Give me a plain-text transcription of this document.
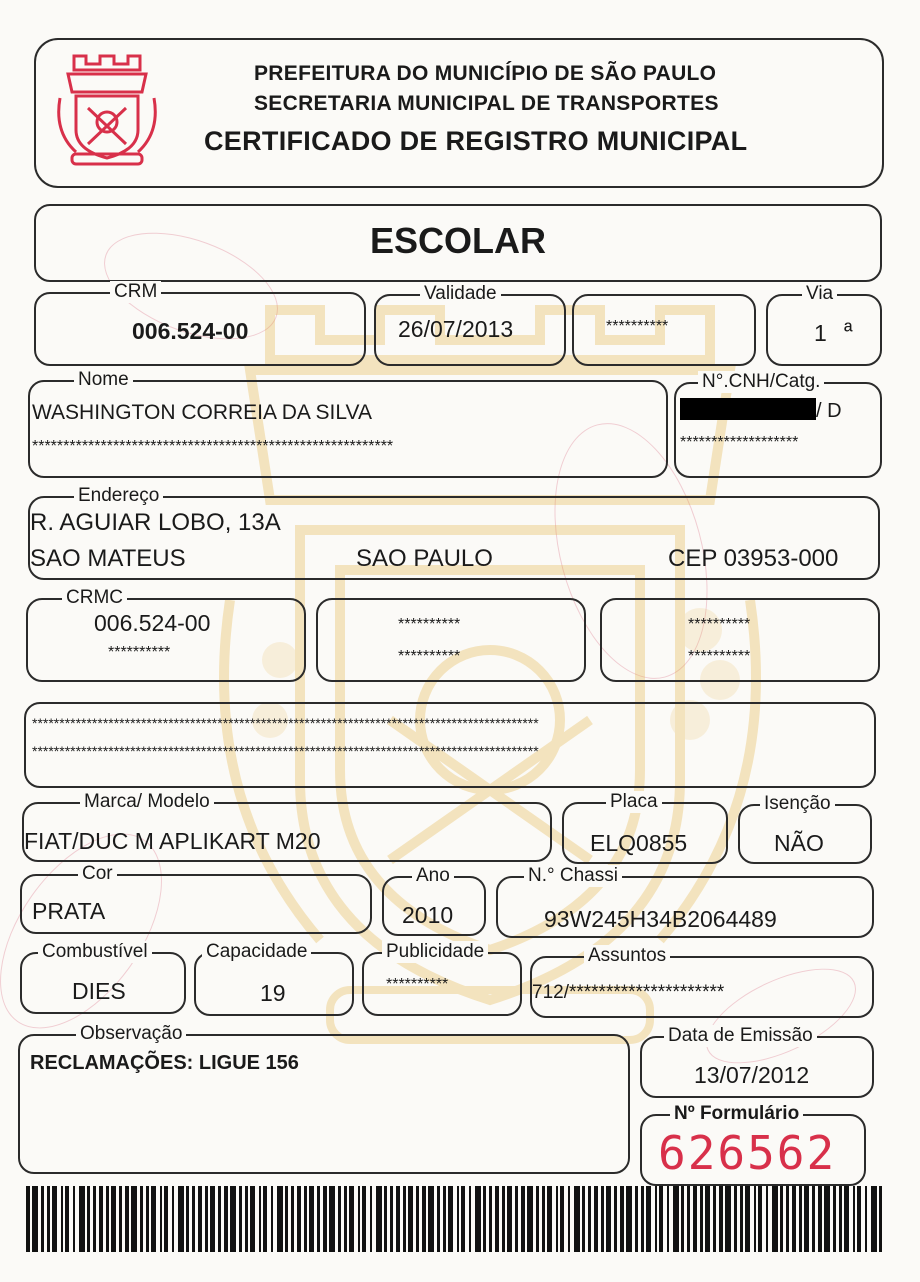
PREFEITURA DO MUNICÍPIO DE SÃO PAULO
SECRETARIA MUNICIPAL DE TRANSPORTES
CERTIFICADO DE REGISTRO MUNICIPAL
ESCOLAR
CRM
006.524-00
Validade
26/07/2013	**********
Via
1 ª
Nome
WASHINGTON CORREIA DA SILVA
**********************************************************
N°.CNH/Catg.
/ D
*******************
Endereço
R. AGUIAR LOBO, 13A
SAO MATEUS	SAO PAULO	CEP 03953-000
CRMC
006.524-00
**********
**********
**********
**********
**********
*********************************************************************************************
*********************************************************************************************
Marca/ Modelo
FIAT/DUC M APLIKART M20
Placa
ELQ0855
Isenção
NÃO
Cor
PRATA
Ano
2010
N.° Chassi
93W245H34B2064489
Combustível
DIES
Capacidade
19
Publicidade
**********
Assuntos
712/*********************
Observação
RECLAMAÇÕES: LIGUE 156
Data de Emissão
13/07/2012
Nº Formulário
626562
